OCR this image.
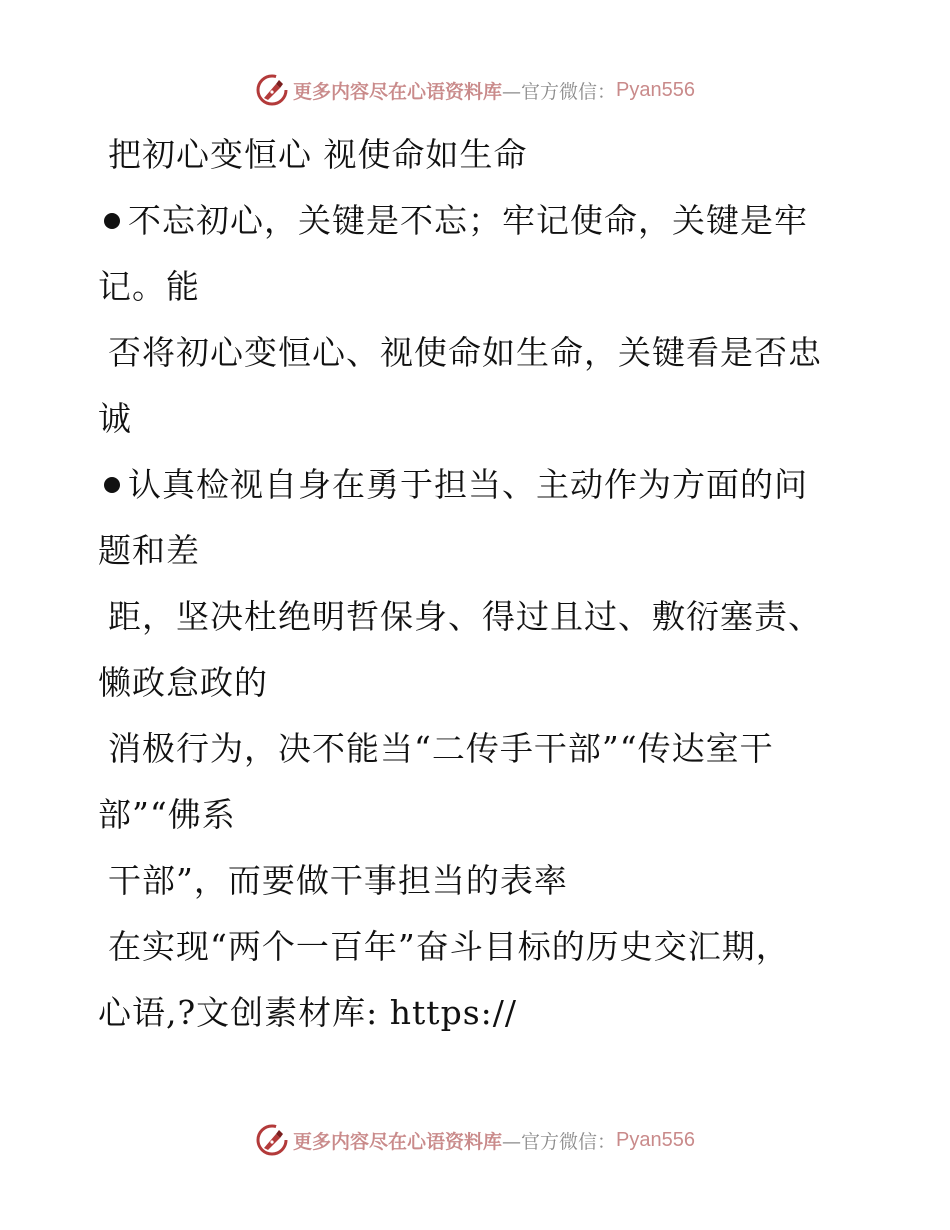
更多内容尽在心语资料库 —官方微信： Pyan556
把初心变恒心 视使命如生命
不忘初心，关键是不忘；牢记使命，关键是牢
记。能
否将初心变恒心、视使命如生命，关键看是否忠
诚
认真检视自身在勇于担当、主动作为方面的问
题和差
距，坚决杜绝明哲保身、得过且过、敷衍塞责、
懒政怠政的
消极行为，决不能当“二传手干部”“传达室干
部”“佛系
干部”，而要做干事担当的表率
在实现“两个一百年”奋斗目标的历史交汇期，
心语,?文创素材库: https://
更多内容尽在心语资料库 —官方微信： Pyan556
